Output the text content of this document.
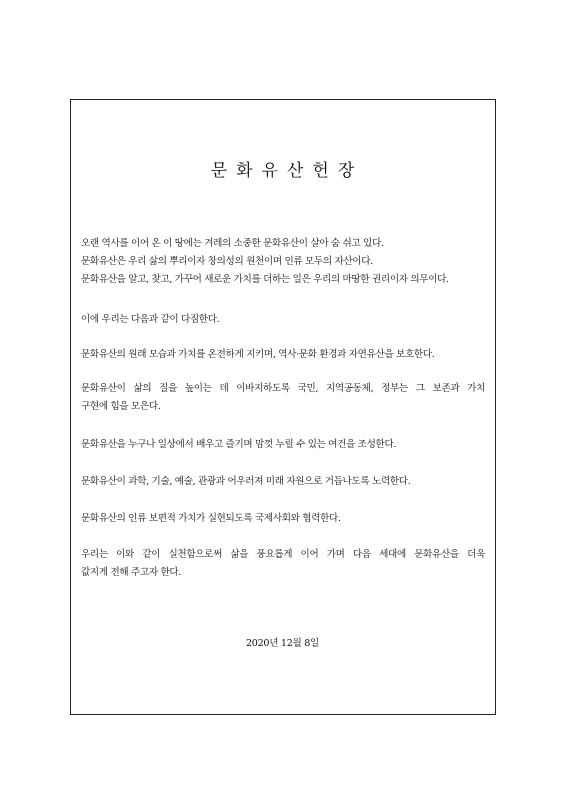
문화유산헌장
오랜 역사를 이어 온 이 땅에는 겨레의 소중한 문화유산이 살아 숨 쉬고 있다.
문화유산은 우리 삶의 뿌리이자 창의성의 원천이며 인류 모두의 자산이다.
문화유산을 알고, 찾고, 가꾸어 새로운 가치를 더하는 일은 우리의 마땅한 권리이자 의무이다.
이에 우리는 다음과 같이 다짐한다.
문화유산의 원래 모습과 가치를 온전하게 지키며, 역사·문화 환경과 자연유산을 보호한다.
문화유산이 삶의 질을 높이는 데 이바지하도록 국민, 지역공동체, 정부는 그 보존과 가치
구현에 힘을 모은다.
문화유산을 누구나 일상에서 배우고 즐기며 맘껏 누릴 수 있는 여건을 조성한다.
문화유산이 과학, 기술, 예술, 관광과 어우러져 미래 자원으로 거듭나도록 노력한다.
문화유산의 인류 보편적 가치가 실현되도록 국제사회와 협력한다.
우리는 이와 같이 실천함으로써 삶을 풍요롭게 이어 가며 다음 세대에 문화유산을 더욱
값지게 전해 주고자 한다.
2020년 12월 8일
